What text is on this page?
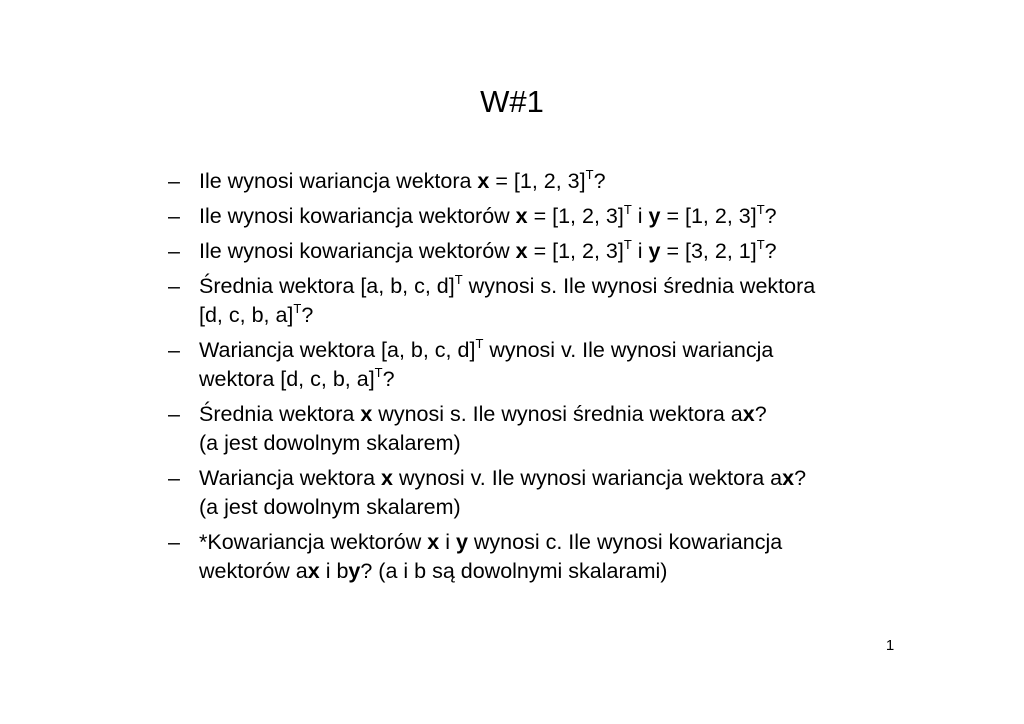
W#1
– Ile wynosi wariancja wektora x = [1, 2, 3]$^T$?
– Ile wynosi kowariancja wektorów x = [1, 2, 3]$^T$ i y = [1, 2, 3]$^T$?
– Ile wynosi kowariancja wektorów x = [1, 2, 3]$^T$ i y = [3, 2, 1]$^T$?
– Średnia wektora [a, b, c, d]$^T$ wynosi s. Ile wynosi średnia wektora
[d, c, b, a]$^T$?
– Wariancja wektora [a, b, c, d]$^T$ wynosi v. Ile wynosi wariancja
wektora [d, c, b, a]$^T$?
– Średnia wektora x wynosi s. Ile wynosi średnia wektora ax?
(a jest dowolnym skalarem)
– Wariancja wektora x wynosi v. Ile wynosi wariancja wektora ax?
(a jest dowolnym skalarem)
– *Kowariancja wektorów x i y wynosi c. Ile wynosi kowariancja
wektorów ax i by? (a i b są dowolnymi skalarami)
1
